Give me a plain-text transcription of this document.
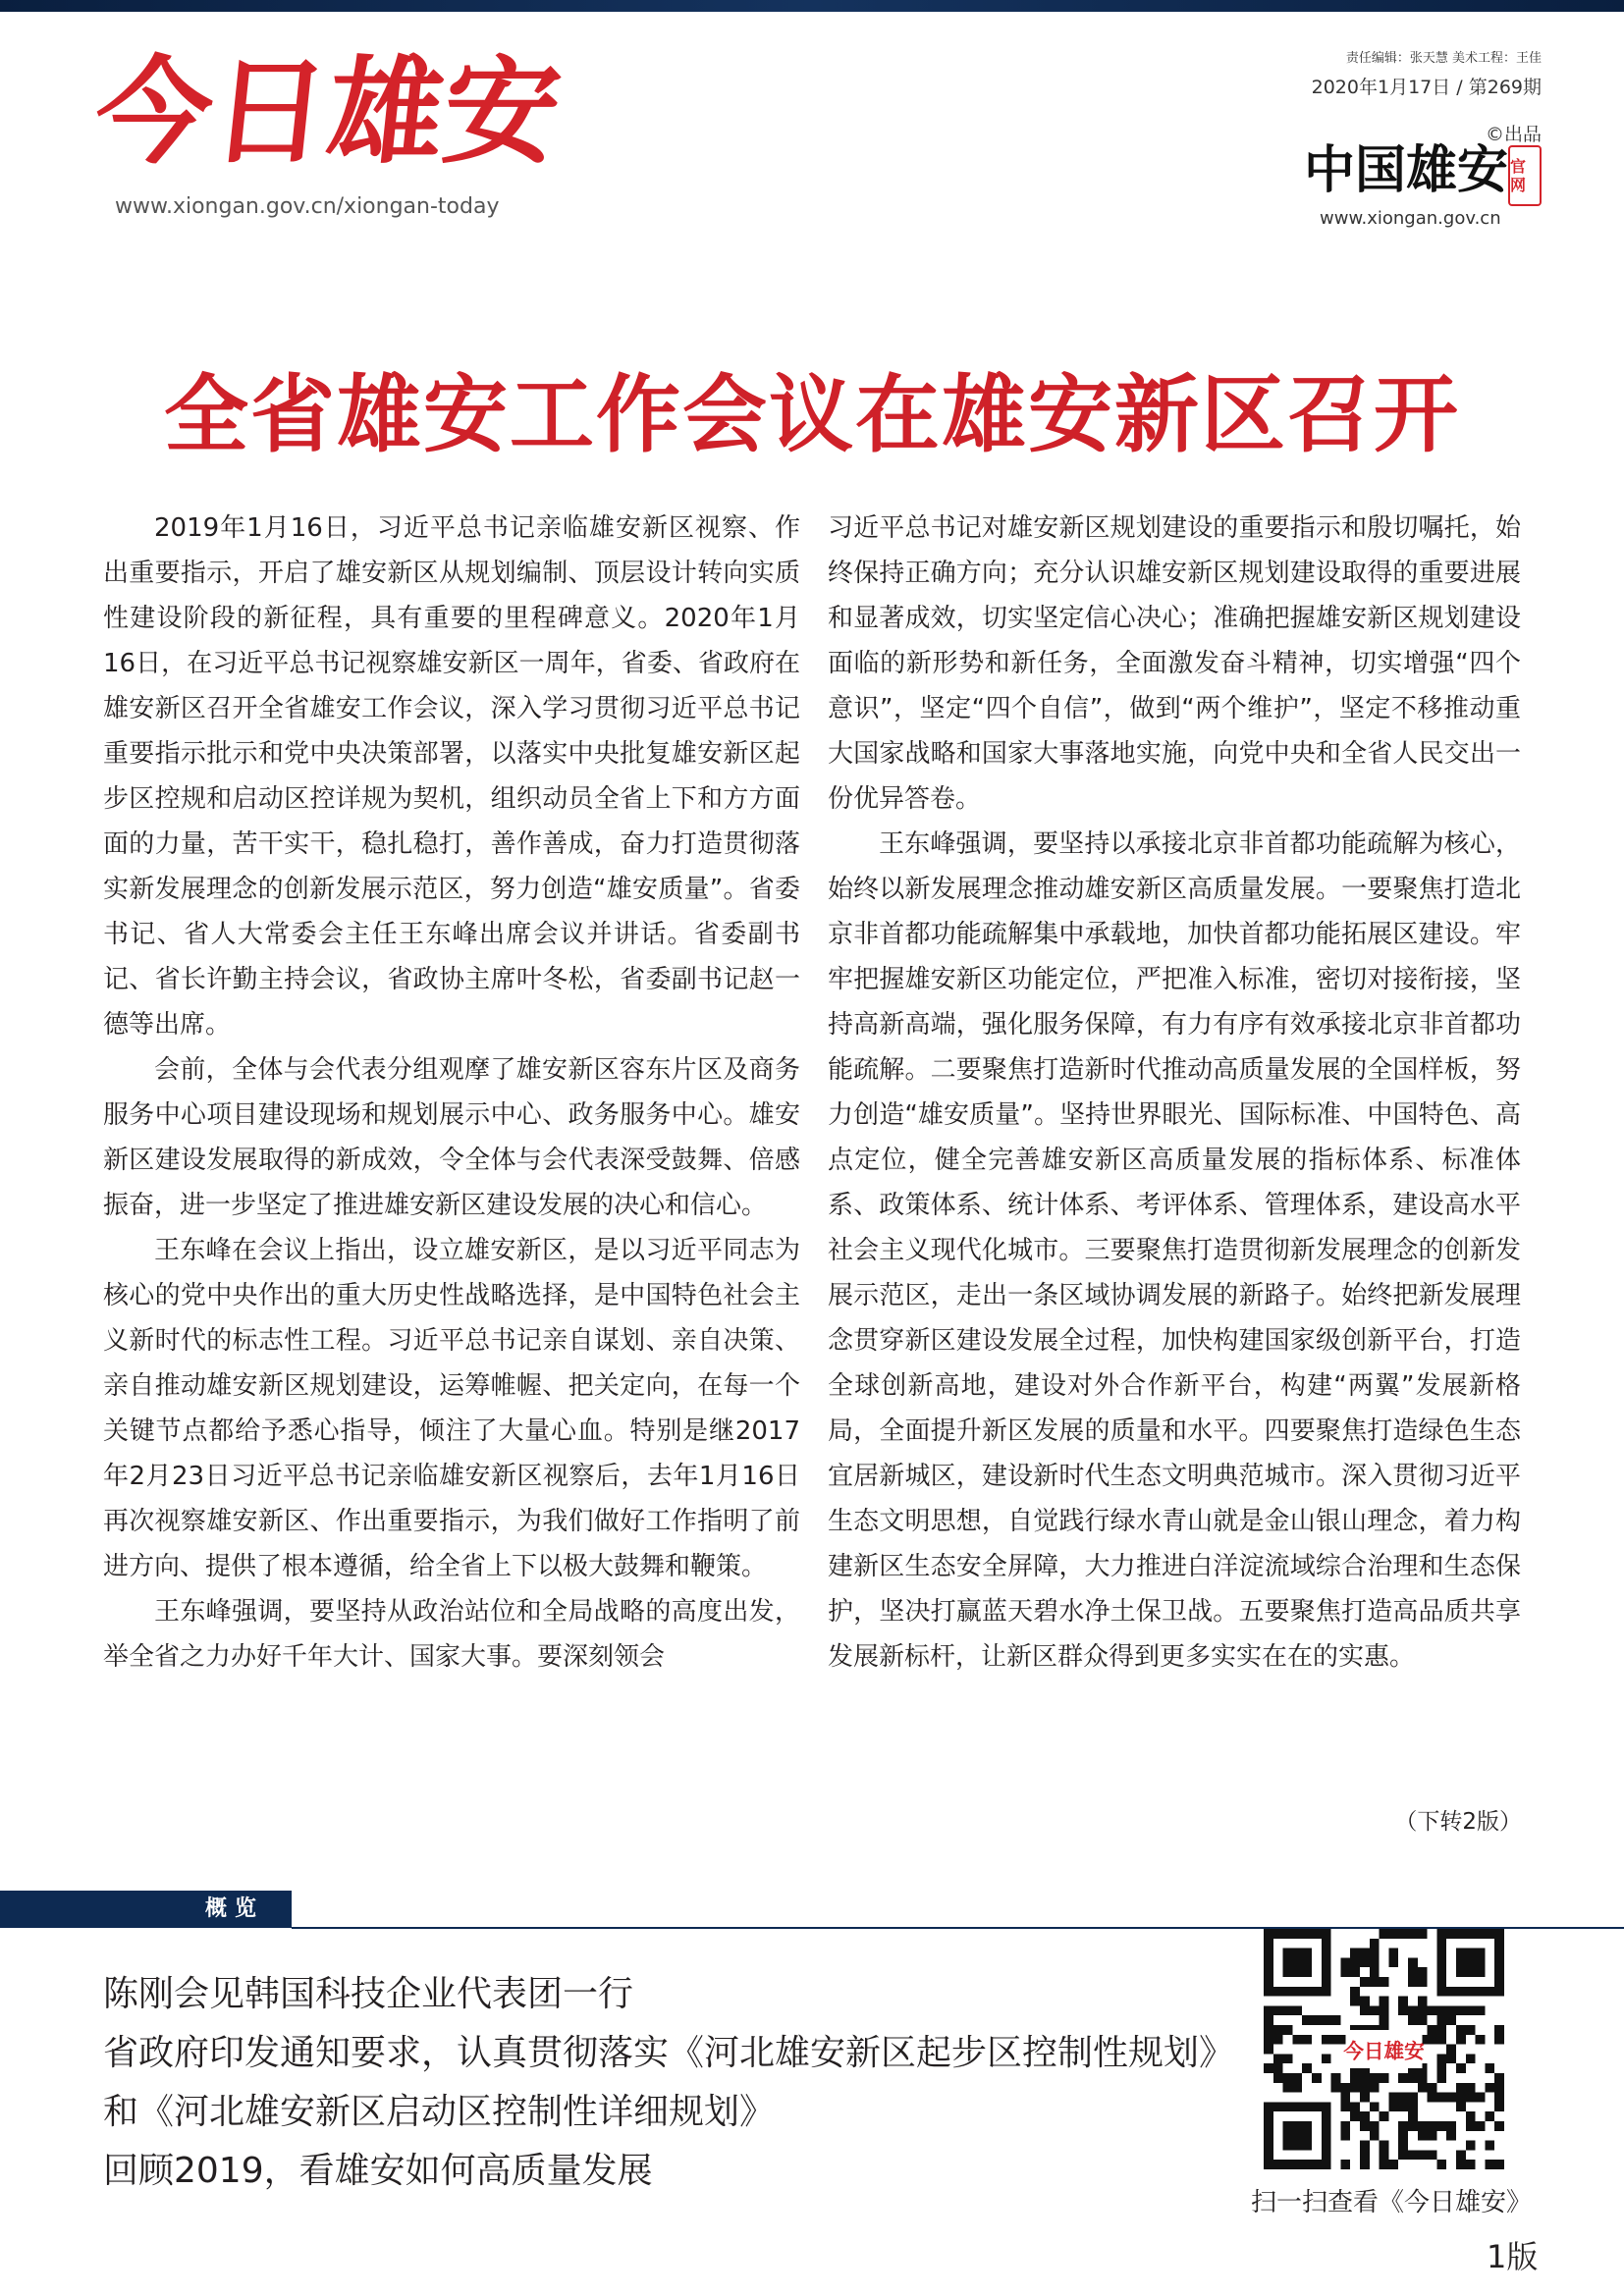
今日雄安
www.xiongan.gov.cn/xiongan-today
责任编辑：张天慧 美术工程：王佳
2020年1月17日 / 第269期
©出品
中国雄安 官网
www.xiongan.gov.cn
全省雄安工作会议在雄安新区召开

2019年1月16日，习近平总书记亲临雄安新区视察、作出重要指示，开启了雄安新区从规划编制、顶层设计转向实质性建设阶段的新征程，具有重要的里程碑意义。2020年1月16日，在习近平总书记视察雄安新区一周年，省委、省政府在雄安新区召开全省雄安工作会议，深入学习贯彻习近平总书记重要指示批示和党中央决策部署，以落实中央批复雄安新区起步区控规和启动区控详规为契机，组织动员全省上下和方方面面的力量，苦干实干，稳扎稳打，善作善成，奋力打造贯彻落实新发展理念的创新发展示范区，努力创造“雄安质量”。省委书记、省人大常委会主任王东峰出席会议并讲话。省委副书记、省长许勤主持会议，省政协主席叶冬松，省委副书记赵一德等出席。

会前，全体与会代表分组观摩了雄安新区容东片区及商务服务中心项目建设现场和规划展示中心、政务服务中心。雄安新区建设发展取得的新成效，令全体与会代表深受鼓舞、倍感振奋，进一步坚定了推进雄安新区建设发展的决心和信心。

王东峰在会议上指出，设立雄安新区，是以习近平同志为核心的党中央作出的重大历史性战略选择，是中国特色社会主义新时代的标志性工程。习近平总书记亲自谋划、亲自决策、亲自推动雄安新区规划建设，运筹帷幄、把关定向，在每一个关键节点都给予悉心指导，倾注了大量心血。特别是继2017年2月23日习近平总书记亲临雄安新区视察后，去年1月16日再次视察雄安新区、作出重要指示，为我们做好工作指明了前进方向、提供了根本遵循，给全省上下以极大鼓舞和鞭策。

王东峰强调，要坚持从政治站位和全局战略的高度出发，举全省之力办好千年大计、国家大事。要深刻领会

习近平总书记对雄安新区规划建设的重要指示和殷切嘱托，始终保持正确方向；充分认识雄安新区规划建设取得的重要进展和显著成效，切实坚定信心决心；准确把握雄安新区规划建设面临的新形势和新任务，全面激发奋斗精神，切实增强“四个意识”，坚定“四个自信”，做到“两个维护”，坚定不移推动重大国家战略和国家大事落地实施，向党中央和全省人民交出一份优异答卷。

王东峰强调，要坚持以承接北京非首都功能疏解为核心，始终以新发展理念推动雄安新区高质量发展。一要聚焦打造北京非首都功能疏解集中承载地，加快首都功能拓展区建设。牢牢把握雄安新区功能定位，严把准入标准，密切对接衔接，坚持高新高端，强化服务保障，有力有序有效承接北京非首都功能疏解。二要聚焦打造新时代推动高质量发展的全国样板，努力创造“雄安质量”。坚持世界眼光、国际标准、中国特色、高点定位，健全完善雄安新区高质量发展的指标体系、标准体系、政策体系、统计体系、考评体系、管理体系，建设高水平社会主义现代化城市。三要聚焦打造贯彻新发展理念的创新发展示范区，走出一条区域协调发展的新路子。始终把新发展理念贯穿新区建设发展全过程，加快构建国家级创新平台，打造全球创新高地，建设对外合作新平台，构建“两翼”发展新格局，全面提升新区发展的质量和水平。四要聚焦打造绿色生态宜居新城区，建设新时代生态文明典范城市。深入贯彻习近平生态文明思想，自觉践行绿水青山就是金山银山理念，着力构建新区生态安全屏障，大力推进白洋淀流域综合治理和生态保护，坚决打赢蓝天碧水净土保卫战。五要聚焦打造高品质共享发展新标杆，让新区群众得到更多实实在在的实惠。

（下转2版）
概览
陈刚会见韩国科技企业代表团一行
省政府印发通知要求，认真贯彻落实《河北雄安新区起步区控制性规划》和《河北雄安新区启动区控制性详细规划》
回顾2019，看雄安如何高质量发展
今日雄安
扫一扫查看《今日雄安》
1版
